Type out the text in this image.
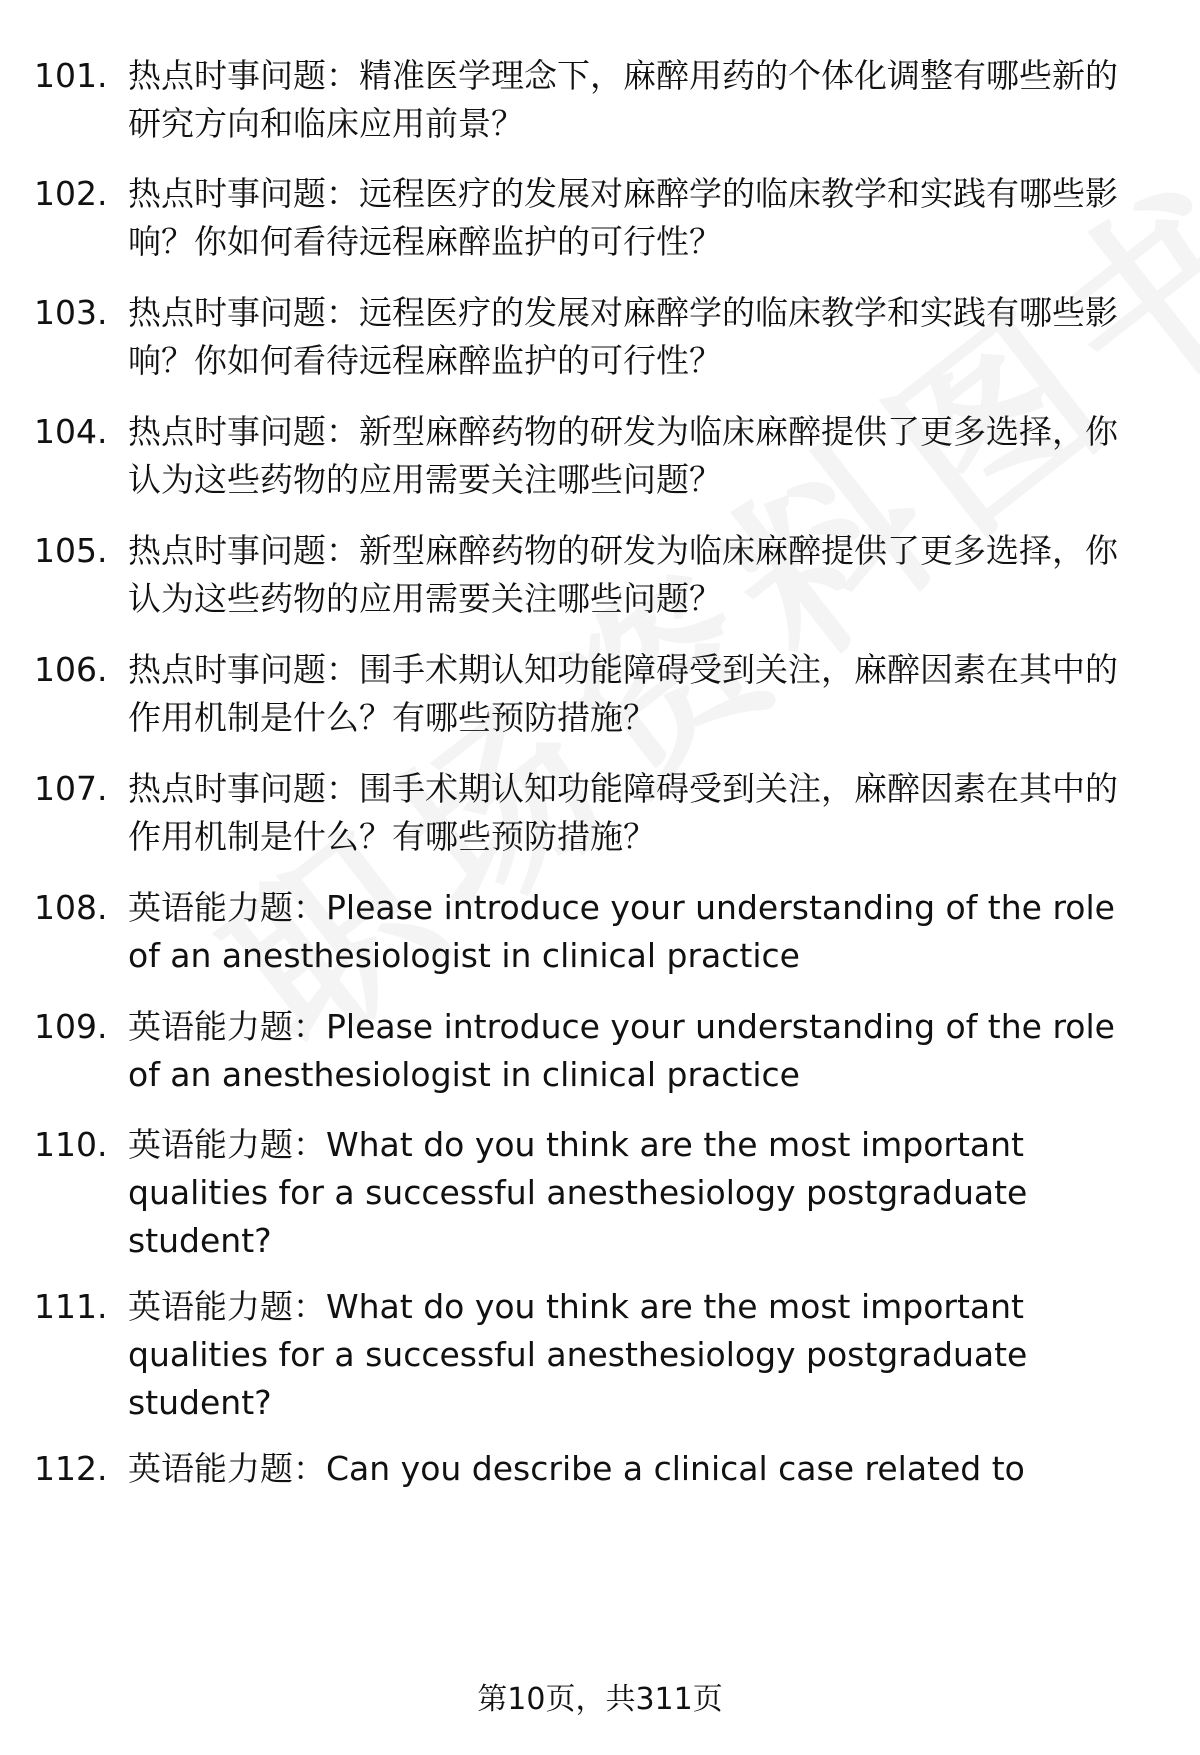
101. 热点时事问题：精准医学理念下，麻醉用药的个体化调整有哪些新的研究方向和临床应用前景？
102. 热点时事问题：远程医疗的发展对麻醉学的临床教学和实践有哪些影响？你如何看待远程麻醉监护的可行性？
103. 热点时事问题：远程医疗的发展对麻醉学的临床教学和实践有哪些影响？你如何看待远程麻醉监护的可行性？
104. 热点时事问题：新型麻醉药物的研发为临床麻醉提供了更多选择，你认为这些药物的应用需要关注哪些问题？
105. 热点时事问题：新型麻醉药物的研发为临床麻醉提供了更多选择，你认为这些药物的应用需要关注哪些问题？
106. 热点时事问题：围手术期认知功能障碍受到关注，麻醉因素在其中的作用机制是什么？有哪些预防措施？
107. 热点时事问题：围手术期认知功能障碍受到关注，麻醉因素在其中的作用机制是什么？有哪些预防措施？
108. 英语能力题：Please introduce your understanding of the role of an anesthesiologist in clinical practice
109. 英语能力题：Please introduce your understanding of the role of an anesthesiologist in clinical practice
110. 英语能力题：What do you think are the most important qualities for a successful anesthesiology postgraduate student?
111. 英语能力题：What do you think are the most important qualities for a successful anesthesiology postgraduate student?
112. 英语能力题：Can you describe a clinical case related to
第10页，共311页
